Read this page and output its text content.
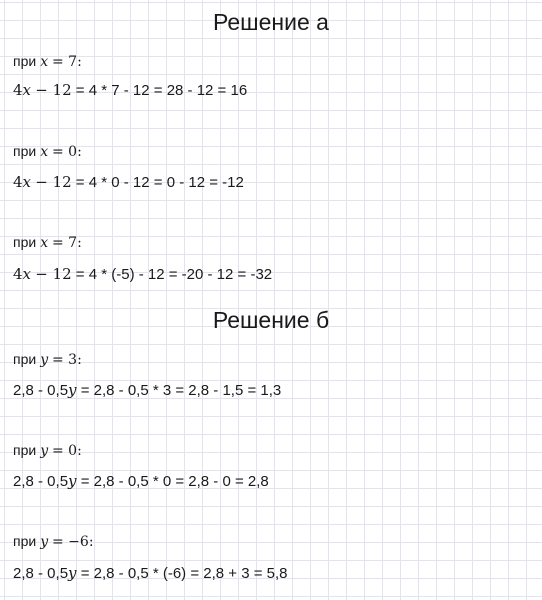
Решение а
при x = 7:
4x − 12 = 4 * 7 - 12 = 28 - 12 = 16
при x = 0:
4x − 12 = 4 * 0 - 12 = 0 - 12 = -12
при x = 7:
4x − 12 = 4 * (-5) - 12 = -20 - 12 = -32
Решение б
при y = 3:
2,8 - 0,5y = 2,8 - 0,5 * 3 = 2,8 - 1,5 = 1,3
при y = 0:
2,8 - 0,5y = 2,8 - 0,5 * 0 = 2,8 - 0 = 2,8
при y = −6:
2,8 - 0,5y = 2,8 - 0,5 * (-6) = 2,8 + 3 = 5,8
